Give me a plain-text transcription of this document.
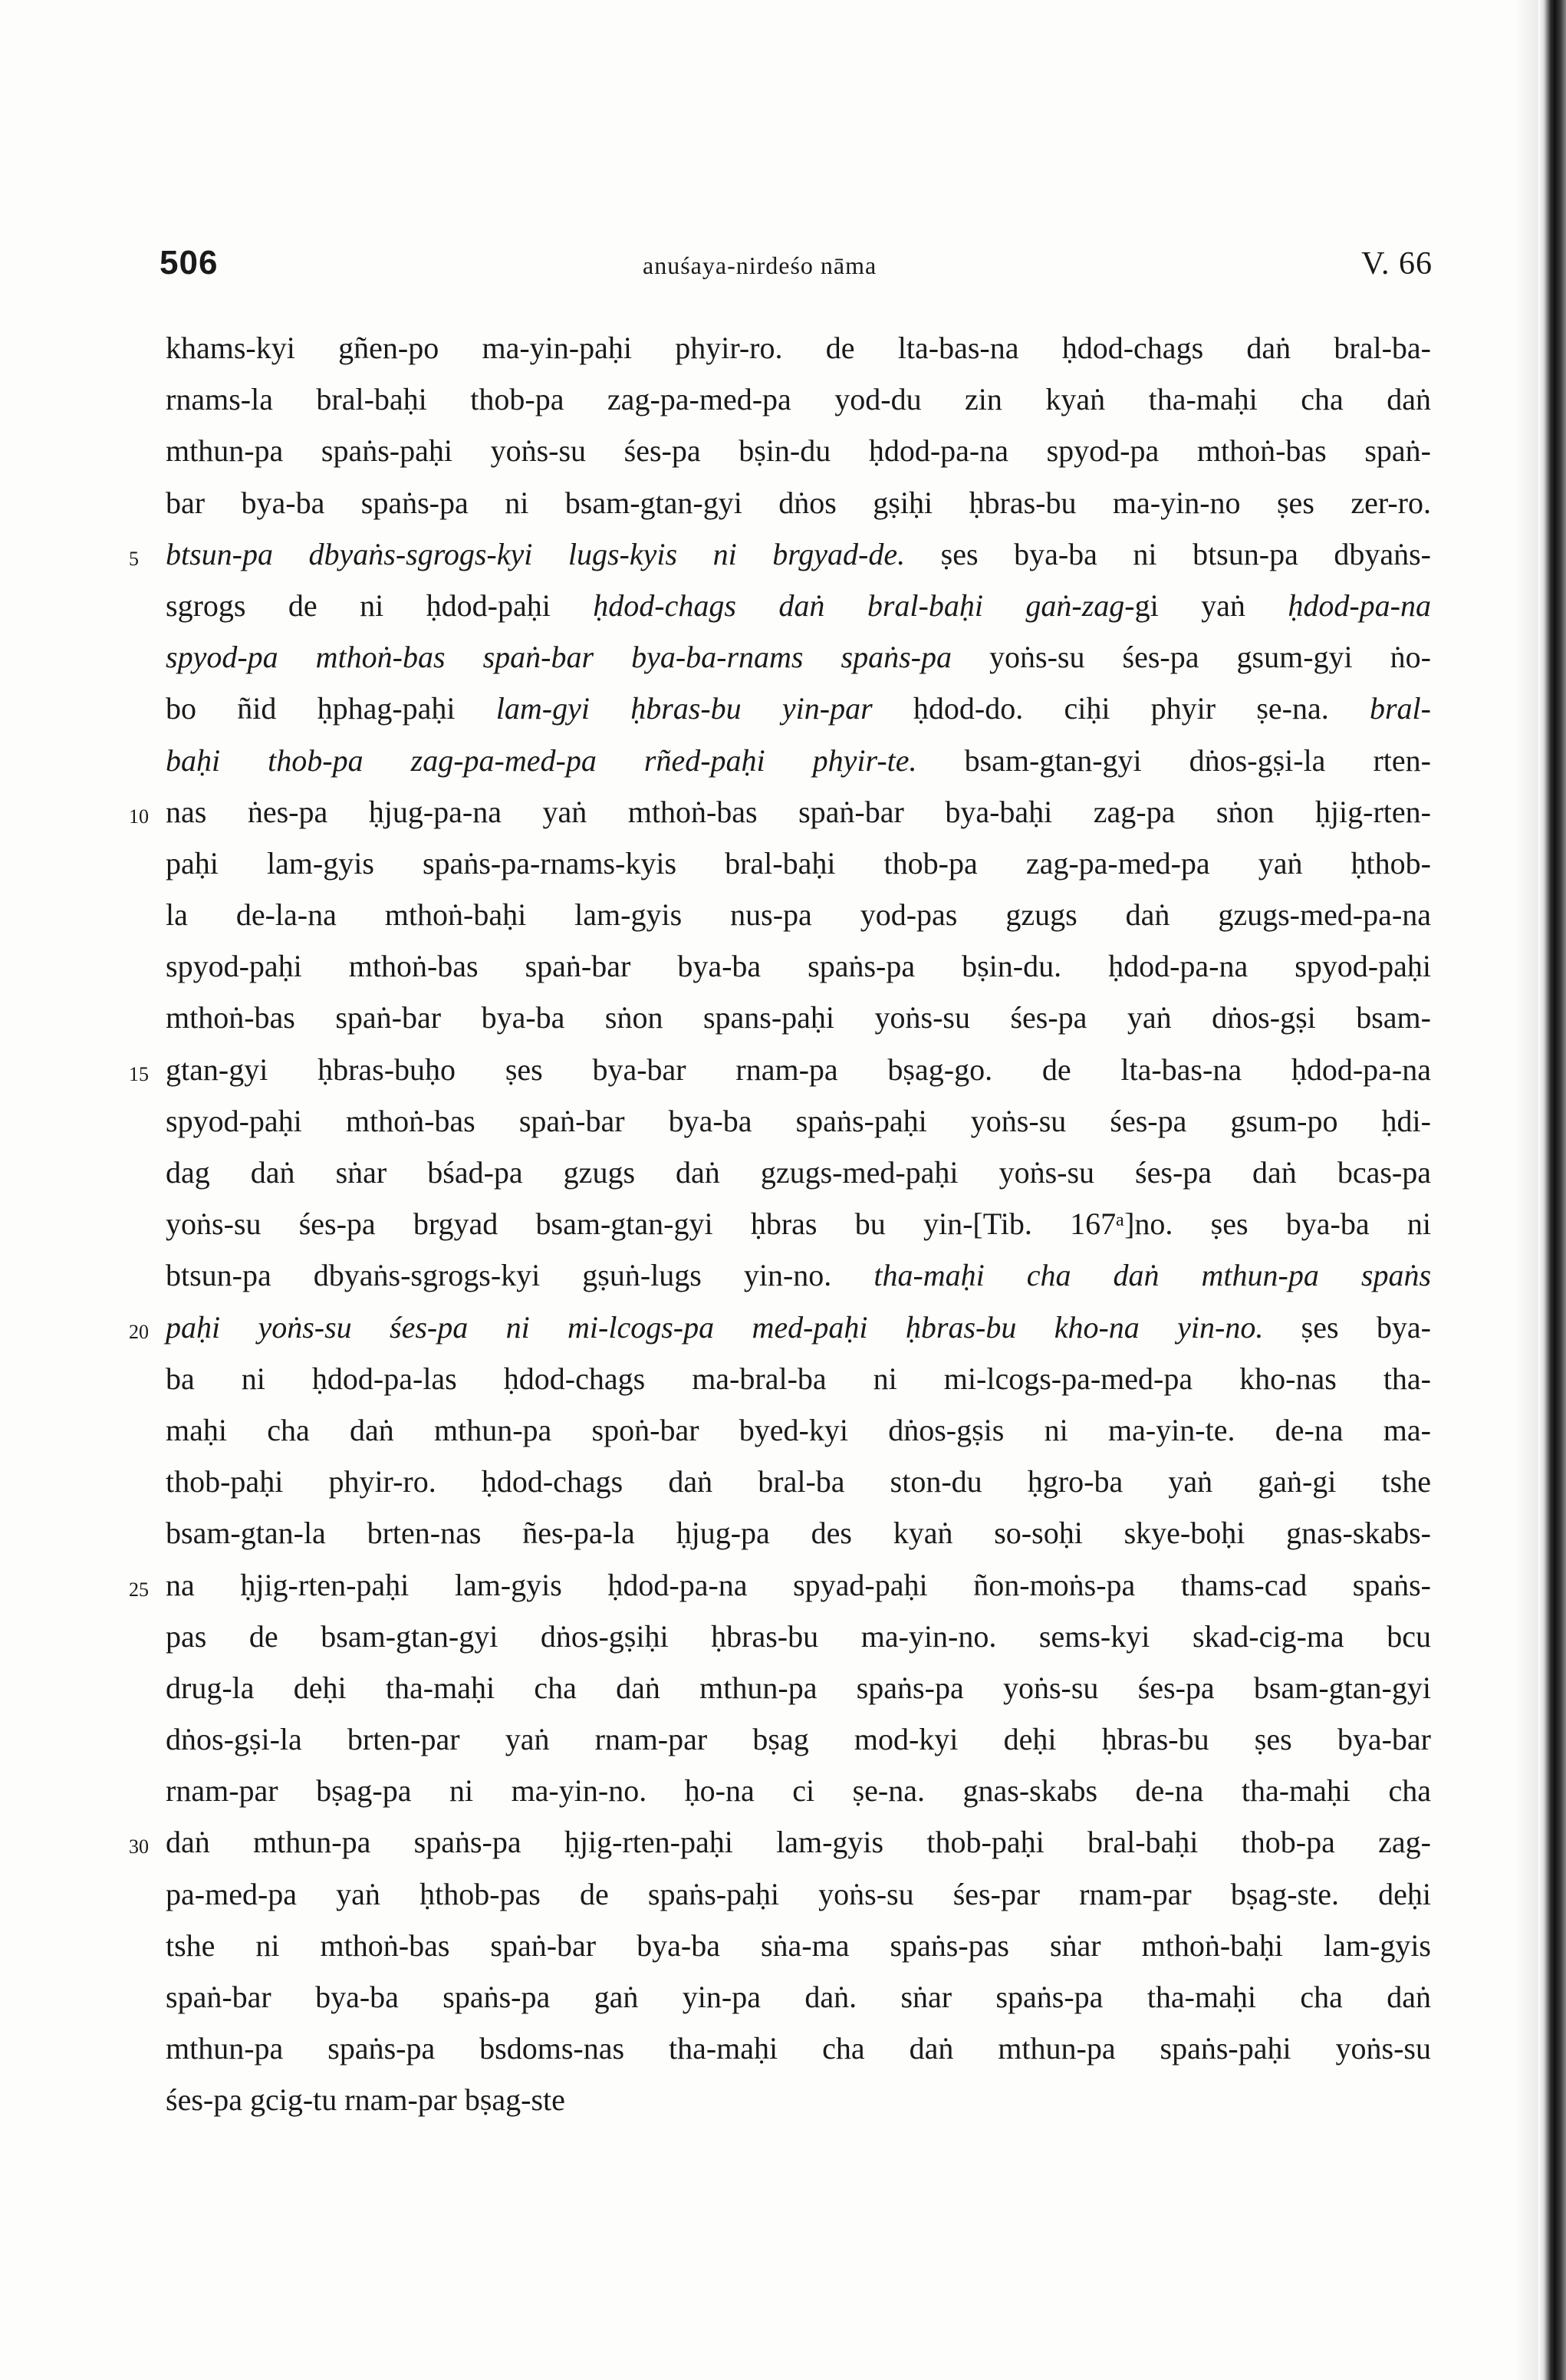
506	anuśaya-nirdeśo nāma	V. 66
khams-kyi gñen-po ma-yin-paḥi phyir-ro. de lta-bas-na ḥdod-chags daṅ bral-ba-
rnams-la bral-baḥi thob-pa zag-pa-med-pa yod-du zin kyaṅ tha-maḥi cha daṅ
mthun-pa spaṅs-paḥi yoṅs-su śes-pa bṣin-du ḥdod-pa-na spyod-pa mthoṅ-bas spaṅ-
bar bya-ba spaṅs-pa ni bsam-gtan-gyi dṅos gṣiḥi ḥbras-bu ma-yin-no ṣes zer-ro.
5 btsun-pa dbyaṅs-sgrogs-kyi lugs-kyis ni brgyad-de. ṣes bya-ba ni btsun-pa dbyaṅs-
sgrogs de ni ḥdod-paḥi ḥdod-chags daṅ bral-baḥi gaṅ-zag-gi yaṅ ḥdod-pa-na
spyod-pa mthoṅ-bas spaṅ-bar bya-ba-rnams spaṅs-pa yoṅs-su śes-pa gsum-gyi ṅo-
bo ñid ḥphag-paḥi lam-gyi ḥbras-bu yin-par ḥdod-do. ciḥi phyir ṣe-na. bral-
baḥi thob-pa zag-pa-med-pa rñed-paḥi phyir-te. bsam-gtan-gyi dṅos-gṣi-la rten-
10 nas ṅes-pa ḥjug-pa-na yaṅ mthoṅ-bas spaṅ-bar bya-baḥi zag-pa sṅon ḥjig-rten-
paḥi lam-gyis spaṅs-pa-rnams-kyis bral-baḥi thob-pa zag-pa-med-pa yaṅ ḥthob-
la de-la-na mthoṅ-baḥi lam-gyis nus-pa yod-pas gzugs daṅ gzugs-med-pa-na
spyod-paḥi mthoṅ-bas spaṅ-bar bya-ba spaṅs-pa bṣin-du. ḥdod-pa-na spyod-paḥi
mthoṅ-bas spaṅ-bar bya-ba sṅon spans-paḥi yoṅs-su śes-pa yaṅ dṅos-gṣi bsam-
15 gtan-gyi ḥbras-buḥo ṣes bya-bar rnam-pa bṣag-go. de lta-bas-na ḥdod-pa-na
spyod-paḥi mthoṅ-bas spaṅ-bar bya-ba spaṅs-paḥi yoṅs-su śes-pa gsum-po ḥdi-
dag daṅ sṅar bśad-pa gzugs daṅ gzugs-med-paḥi yoṅs-su śes-pa daṅ bcas-pa
yoṅs-su śes-pa brgyad bsam-gtan-gyi ḥbras bu yin-[Tib. 167ᵃ]no. ṣes bya-ba ni
btsun-pa dbyaṅs-sgrogs-kyi gṣuṅ-lugs yin-no. tha-maḥi cha daṅ mthun-pa spaṅs
20 paḥi yoṅs-su śes-pa ni mi-lcogs-pa med-paḥi ḥbras-bu kho-na yin-no. ṣes bya-
ba ni ḥdod-pa-las ḥdod-chags ma-bral-ba ni mi-lcogs-pa-med-pa kho-nas tha-
maḥi cha daṅ mthun-pa spoṅ-bar byed-kyi dṅos-gṣis ni ma-yin-te. de-na ma-
thob-paḥi phyir-ro. ḥdod-chags daṅ bral-ba ston-du ḥgro-ba yaṅ gaṅ-gi tshe
bsam-gtan-la brten-nas ñes-pa-la ḥjug-pa des kyaṅ so-soḥi skye-boḥi gnas-skabs-
25 na ḥjig-rten-paḥi lam-gyis ḥdod-pa-na spyad-paḥi ñon-moṅs-pa thams-cad spaṅs-
pas de bsam-gtan-gyi dṅos-gṣiḥi ḥbras-bu ma-yin-no. sems-kyi skad-cig-ma bcu
drug-la deḥi tha-maḥi cha daṅ mthun-pa spaṅs-pa yoṅs-su śes-pa bsam-gtan-gyi
dṅos-gṣi-la brten-par yaṅ rnam-par bṣag mod-kyi deḥi ḥbras-bu ṣes bya-bar
rnam-par bṣag-pa ni ma-yin-no. ḥo-na ci ṣe-na. gnas-skabs de-na tha-maḥi cha
30 daṅ mthun-pa spaṅs-pa ḥjig-rten-paḥi lam-gyis thob-paḥi bral-baḥi thob-pa zag-
pa-med-pa yaṅ ḥthob-pas de spaṅs-paḥi yoṅs-su śes-par rnam-par bṣag-ste. deḥi
tshe ni mthoṅ-bas spaṅ-bar bya-ba sṅa-ma spaṅs-pas sṅar mthoṅ-baḥi lam-gyis
spaṅ-bar bya-ba spaṅs-pa gaṅ yin-pa daṅ. sṅar spaṅs-pa tha-maḥi cha daṅ
mthun-pa spaṅs-pa bsdoms-nas tha-maḥi cha daṅ mthun-pa spaṅs-paḥi yoṅs-su
śes-pa gcig-tu rnam-par bṣag-ste
